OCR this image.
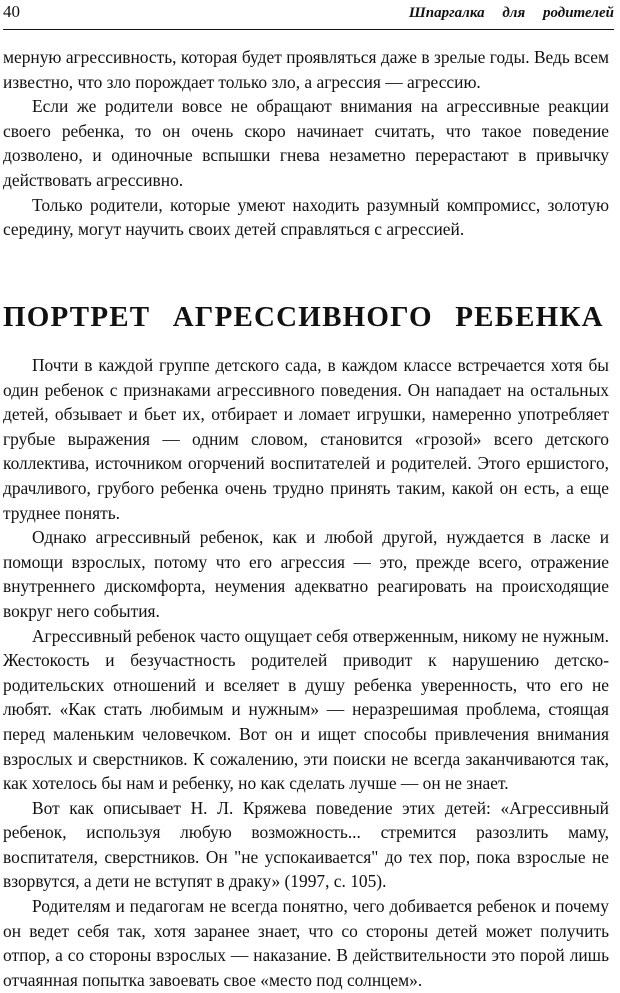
40	Шпаргалка для родителей

мерную агрессивность, которая будет проявляться даже в зрелые годы. Ведь всем известно, что зло порождает только зло, а агрессия — агрессию.

Если же родители вовсе не обращают внимания на агрессивные реакции своего ребенка, то он очень скоро начинает считать, что такое поведение дозволено, и одиночные вспышки гнева незаметно перерастают в привычку действовать агрессивно.

Только родители, которые умеют находить разумный компромисс, золотую середину, могут научить своих детей справляться с агрессией.

ПОРТРЕТ АГРЕССИВНОГО РЕБЕНКА

Почти в каждой группе детского сада, в каждом классе встречается хотя бы один ребенок с признаками агрессивного поведения. Он нападает на остальных детей, обзывает и бьет их, отбирает и ломает игрушки, намеренно употребляет грубые выражения — одним словом, становится «грозой» всего детского коллектива, источником огорчений воспитателей и родителей. Этого ершистого, драчливого, грубого ребенка очень трудно принять таким, какой он есть, а еще труднее понять.

Однако агрессивный ребенок, как и любой другой, нуждается в ласке и помощи взрослых, потому что его агрессия — это, прежде всего, отражение внутреннего дискомфорта, неумения адекватно реагировать на происходящие вокруг него события.

Агрессивный ребенок часто ощущает себя отверженным, никому не нужным. Жестокость и безучастность родителей приводит к нарушению детско-родительских отношений и вселяет в душу ребенка уверенность, что его не любят. «Как стать любимым и нужным» — неразрешимая проблема, стоящая перед маленьким человечком. Вот он и ищет способы привлечения внимания взрослых и сверстников. К сожалению, эти поиски не всегда заканчиваются так, как хотелось бы нам и ребенку, но как сделать лучше — он не знает.

Вот как описывает Н. Л. Кряжева поведение этих детей: «Агрессивный ребенок, используя любую возможность... стремится разозлить маму, воспитателя, сверстников. Он "не успокаивается" до тех пор, пока взрослые не взорвутся, а дети не вступят в драку» (1997, с. 105).

Родителям и педагогам не всегда понятно, чего добивается ребенок и почему он ведет себя так, хотя заранее знает, что со стороны детей может получить отпор, а со стороны взрослых — наказание. В действительности это порой лишь отчаянная попытка завоевать свое «место под солнцем».
